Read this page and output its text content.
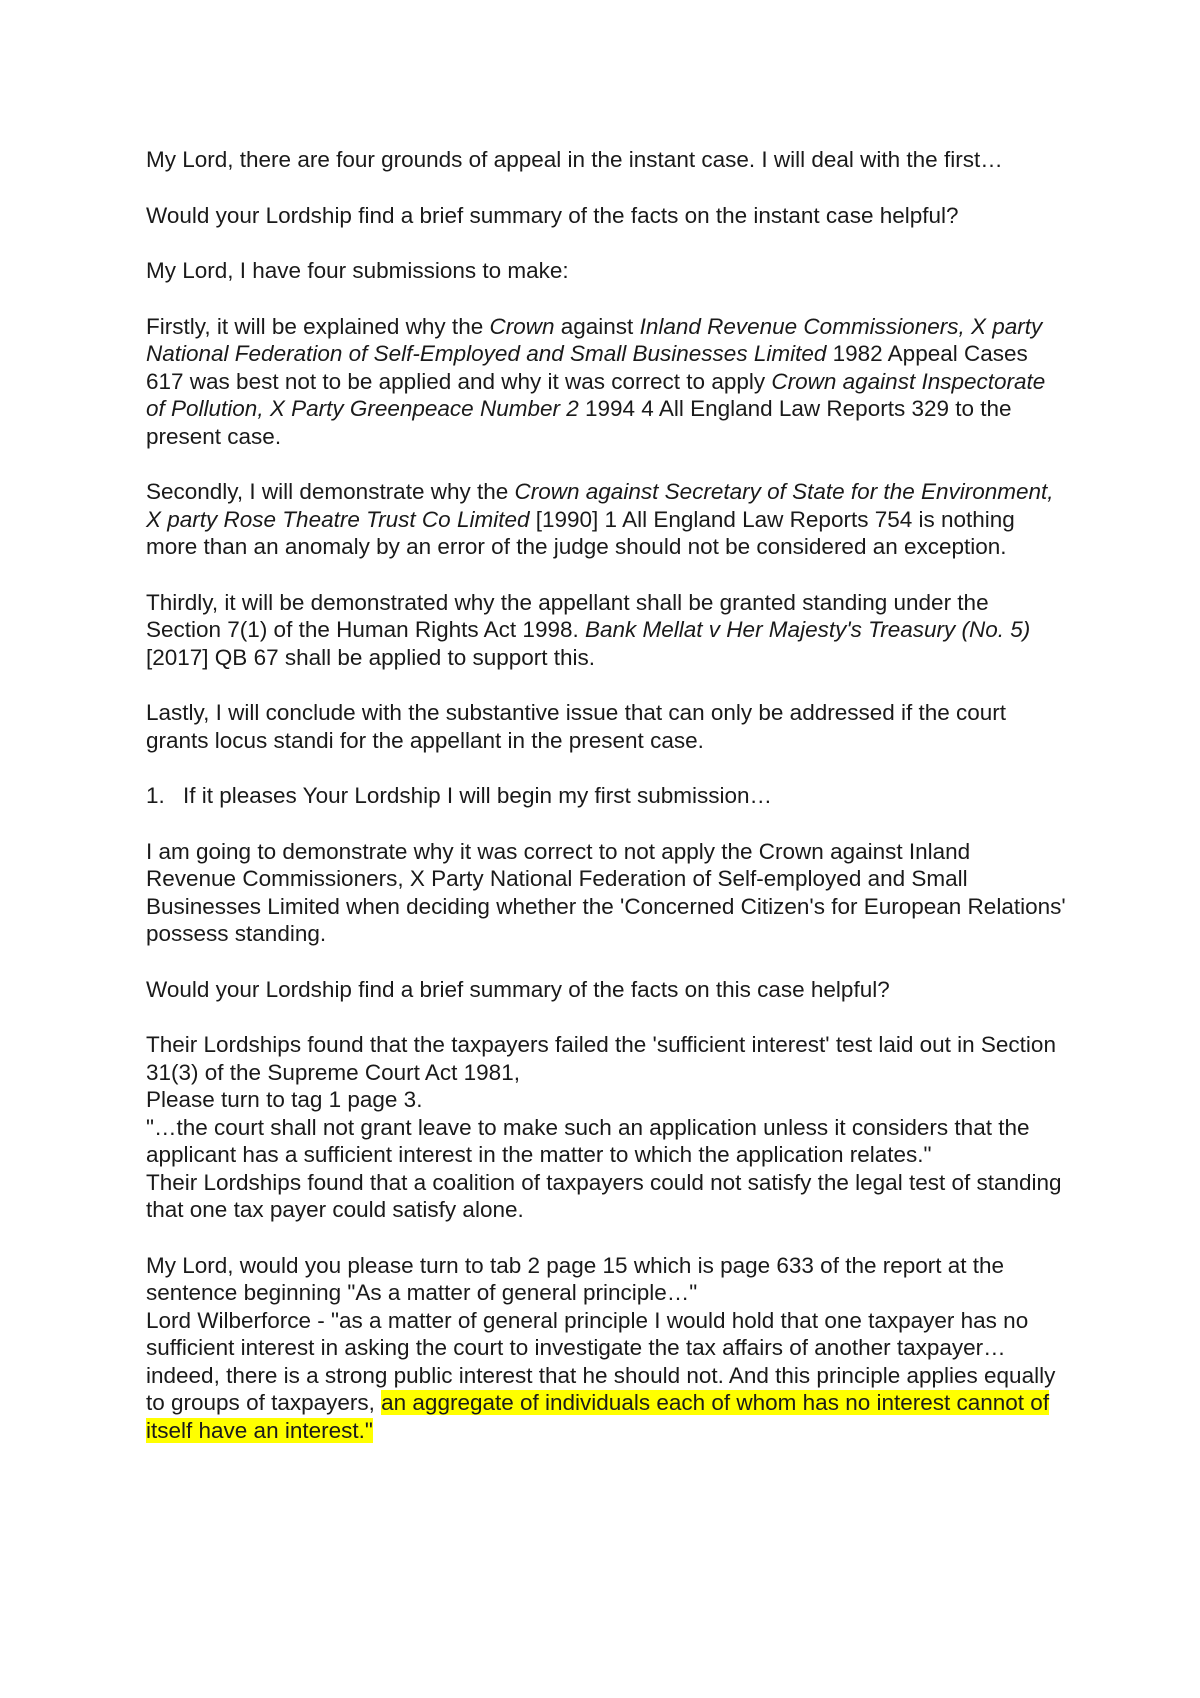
My Lord, there are four grounds of appeal in the instant case. I will deal with the first…

Would your Lordship find a brief summary of the facts on the instant case helpful?

My Lord, I have four submissions to make:

Firstly, it will be explained why the Crown against Inland Revenue Commissioners, X party National Federation of Self-Employed and Small Businesses Limited 1982 Appeal Cases 617 was best not to be applied and why it was correct to apply Crown against Inspectorate of Pollution, X Party Greenpeace Number 2 1994 4 All England Law Reports 329 to the present case.

Secondly, I will demonstrate why the Crown against Secretary of State for the Environment, X party Rose Theatre Trust Co Limited [1990] 1 All England Law Reports 754 is nothing more than an anomaly by an error of the judge should not be considered an exception.

Thirdly, it will be demonstrated why the appellant shall be granted standing under the Section 7(1) of the Human Rights Act 1998. Bank Mellat v Her Majesty's Treasury (No. 5) [2017] QB 67 shall be applied to support this.

Lastly, I will conclude with the substantive issue that can only be addressed if the court grants locus standi for the appellant in the present case.

1. If it pleases Your Lordship I will begin my first submission…

I am going to demonstrate why it was correct to not apply the Crown against Inland Revenue Commissioners, X Party National Federation of Self-employed and Small Businesses Limited when deciding whether the 'Concerned Citizen's for European Relations' possess standing.

Would your Lordship find a brief summary of the facts on this case helpful?

Their Lordships found that the taxpayers failed the 'sufficient interest' test laid out in Section 31(3) of the Supreme Court Act 1981,
Please turn to tag 1 page 3.
"…the court shall not grant leave to make such an application unless it considers that the applicant has a sufficient interest in the matter to which the application relates."
Their Lordships found that a coalition of taxpayers could not satisfy the legal test of standing that one tax payer could satisfy alone.

My Lord, would you please turn to tab 2 page 15 which is page 633 of the report at the sentence beginning "As a matter of general principle…"
Lord Wilberforce - "as a matter of general principle I would hold that one taxpayer has no sufficient interest in asking the court to investigate the tax affairs of another taxpayer… indeed, there is a strong public interest that he should not. And this principle applies equally to groups of taxpayers, an aggregate of individuals each of whom has no interest cannot of itself have an interest."
